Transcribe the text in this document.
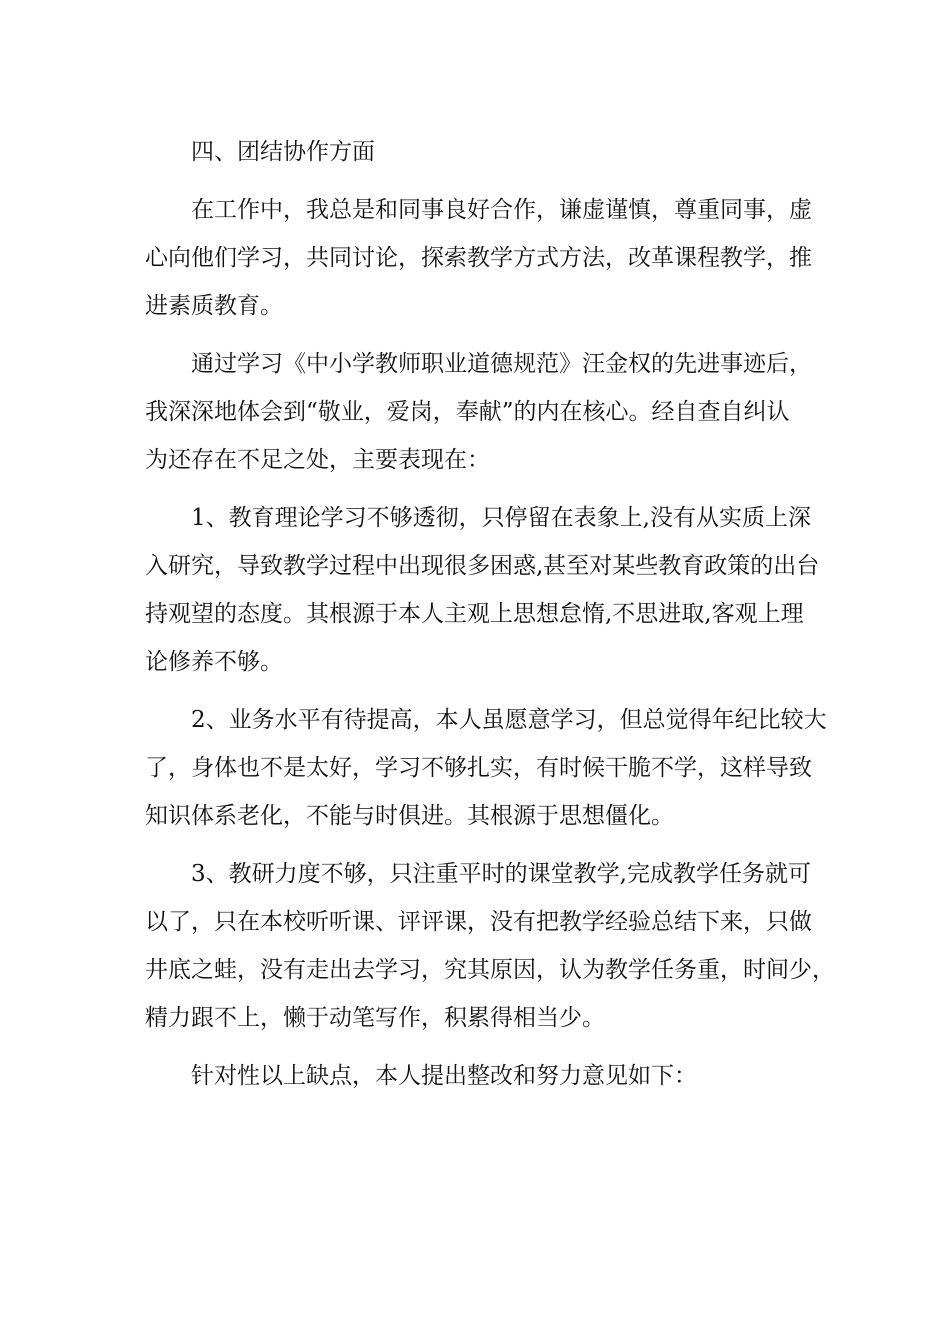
四、团结协作方面

在工作中，我总是和同事良好合作，谦虚谨慎，尊重同事，虚

心向他们学习，共同讨论，探索教学方式方法，改革课程教学，推

进素质教育。

通过学习《中小学教师职业道德规范》汪金权的先进事迹后，

我深深地体会到“敬业，爱岗，奉献”的内在核心。经自查自纠认

为还存在不足之处，主要表现在：

1、教育理论学习不够透彻，只停留在表象上,没有从实质上深

入研究，导致教学过程中出现很多困惑,甚至对某些教育政策的出台

持观望的态度。其根源于本人主观上思想怠惰,不思进取,客观上理

论修养不够。

2、业务水平有待提高，本人虽愿意学习，但总觉得年纪比较大

了，身体也不是太好，学习不够扎实，有时候干脆不学，这样导致

知识体系老化，不能与时俱进。其根源于思想僵化。

3、教研力度不够，只注重平时的课堂教学,完成教学任务就可

以了，只在本校听听课、评评课，没有把教学经验总结下来，只做

井底之蛙，没有走出去学习，究其原因，认为教学任务重，时间少，

精力跟不上，懒于动笔写作，积累得相当少。

针对性以上缺点，本人提出整改和努力意见如下：
